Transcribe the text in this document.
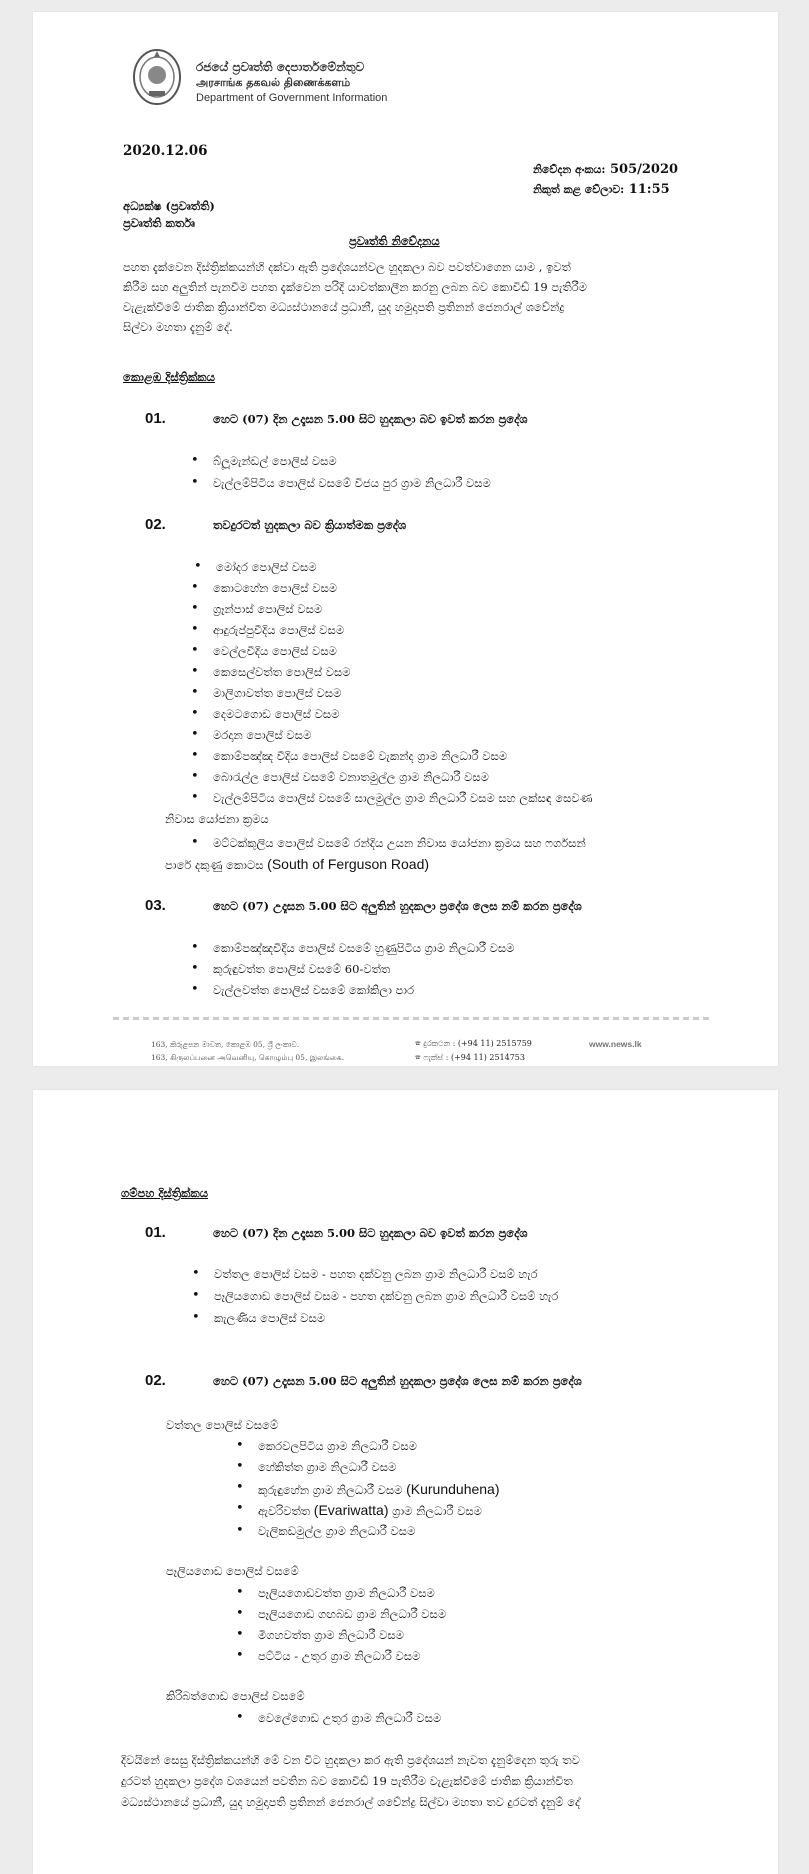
රජයේ ප්‍රවෘත්ති දෙපාර්තමේන්තුව
அரசாங்க தகவல் திணைக்களம்
Department of Government Information
2020.12.06
නිවේදන අංකය: 505/2020
නිකුත් කළ වේලාව: 11:55
අධ්‍යක්ෂ (ප්‍රවෘත්ති)
ප්‍රවෘත්ති කර්තෘ
ප්‍රවෘත්ති නිවේදනය
පහත දැක්වෙන දිස්ත්‍රික්කයන්හි දක්වා ඇති ප්‍රදේශයන්වල හුදකලා බව පවත්වාගෙන යාම , ඉවත්
කිරීම සහ අලුතින් පැනවීම පහත දැක්වෙන පරිදි යාවත්කාලීන කරනු ලබන බව කොවිඩ් 19 පැතිරීම
වැළැක්වීමේ ජාතික ක්‍රියාන්විත මධ්‍යස්ථානයේ ප්‍රධානී, යුද හමුදාපති ප්‍රතිනන් ජෙනරාල් ශවේන්ද්‍ර
සිල්වා මහතා දැනුම් දේ.
කොළඹ දිස්ත්‍රික්කය
01.	හෙට (07) දින උදෑසන 5.00 සිට හුදකලා බව ඉවත් කරන ප්‍රදේශ
• බ්ලූමැන්ඩල් පොලිස් වසම
• වැල්ලම්පිටිය පොලිස් වසමේ විජය පුර ග්‍රාම නිලධාරී වසම
02.	තවදුරටත් හුදකලා බව ක්‍රියාත්මක ප්‍රදේශ
• මෝදර පොලිස් වසම
• කොටහේන පොලිස් වසම
• ග්‍රෑන්පාස් පොලිස් වසම
• ආදුරුප්පුවීදිය පොලිස් වසම
• වෙල්ලවීදිය පොලිස් වසම
• කෙසෙල්වත්ත පොලිස් වසම
• මාලිගාවත්ත පොලිස් වසම
• දෙමටගොඩ පොලිස් වසම
• මරදාන පොලිස් වසම
• කොම්පඤ්ඤ වීදිය පොලිස් වසමේ වැකන්ද ග්‍රාම නිලධාරී වසම
• බොරැල්ල පොලිස් වසමේ වනාතමුල්ල ග්‍රාම නිලධාරී වසම
• වැල්ලම්පිටිය පොලිස් වසමේ සාලමුල්ල ග්‍රාම නිලධාරී වසම සහ ලක්සඳ සෙවණ
නිවාස යෝජනා ක්‍රමය
• මට්ටක්කුලිය පොලිස් වසමේ රන්දිය උයන නිවාස යෝජනා ක්‍රමය සහ ෆර්ගසන්
පාරේ දකුණු කොටස (South of Ferguson Road)
03.	හෙට (07) උදෑසන 5.00 සිට අලුතින් හුදකලා ප්‍රදේශ ලෙස නම් කරන ප්‍රදේශ
• කොම්පඤ්ඤවීදිය පොලිස් වසමේ හුණුපිටිය ග්‍රාම නිලධාරී වසම
• කුරුඳුවත්ත පොලිස් වසමේ 60-වත්ත
• වැල්ලවත්ත පොලිස් වසමේ කෝකිලා පාර
163, කිරුළපන මාවත, කොළඹ 05, ශ්‍රී ලංකාව.
163, கிருலப்பனை அவெனியு, கொழும்பு 05, இலங்கை.
☎ දුරකථන : (+94 11) 2515759
☎ ෆැක්ස් : (+94 11) 2514753
www.news.lk
ගම්පහ දිස්ත්‍රික්කය
01.	හෙට (07) දින උදෑසන 5.00 සිට හුදකලා බව ඉවත් කරන ප්‍රදේශ
• වත්තල පොලිස් වසම - පහත දක්වනු ලබන ග්‍රාම නිලධාරී වසම් හැර
• පෑලියගොඩ පොලිස් වසම - පහත දක්වනු ලබන ග්‍රාම නිලධාරී වසම් හැර
• කැලණිය පොලිස් වසම
02.	හෙට (07) උදෑසන 5.00 සිට අලුතින් හුදකලා ප්‍රදේශ ලෙස නම් කරන ප්‍රදේශ
වත්තල පොලිස් වසමේ
• කෙරවලපිටිය ග්‍රාම නිලධාරී වසම
• හේකිත්ත ග්‍රාම නිලධාරී වසම
• කුරුඳුහේන ග්‍රාම නිලධාරී වසම (Kurunduhena)
• ඇවරිවත්ත (Evariwatta) ග්‍රාම නිලධාරී වසම
• වැලිකඩමුල්ල ග්‍රාම නිලධාරී වසම
පෑලියගොඩ පොලිස් වසමේ
• පෑලියගොඩවත්ත ග්‍රාම නිලධාරී වසම
• පෑලියගොඩ ගඟබඩ ග්‍රාම නිලධාරී වසම
• මීගහවත්ත ග්‍රාම නිලධාරී වසම
• පට්ටිය - උතුර ග්‍රාම නිලධාරී වසම
කිරිබත්ගොඩ පොලිස් වසමේ
• වෙලේගොඩ උතුර ග්‍රාම නිලධාරී වසම
දිවයිනේ සෙසු දිස්ත්‍රික්කයන්හි මේ වන විට හුදකලා කර ඇති ප්‍රදේශයන් නැවත දැනුම්දෙන තුරු තව
දුරටත් හුදකලා ප්‍රදේශ වශයෙන් පවතින බව කොවිඩ් 19 පැතිරීම වැළැක්වීමේ ජාතික ක්‍රියාන්විත
මධ්‍යස්ථානයේ ප්‍රධානී, යුද හමුදාපති ප්‍රතිනන් ජෙනරාල් ශවේන්ද්‍ර සිල්වා මහතා තව දුරටත් දැනුම් දේ
